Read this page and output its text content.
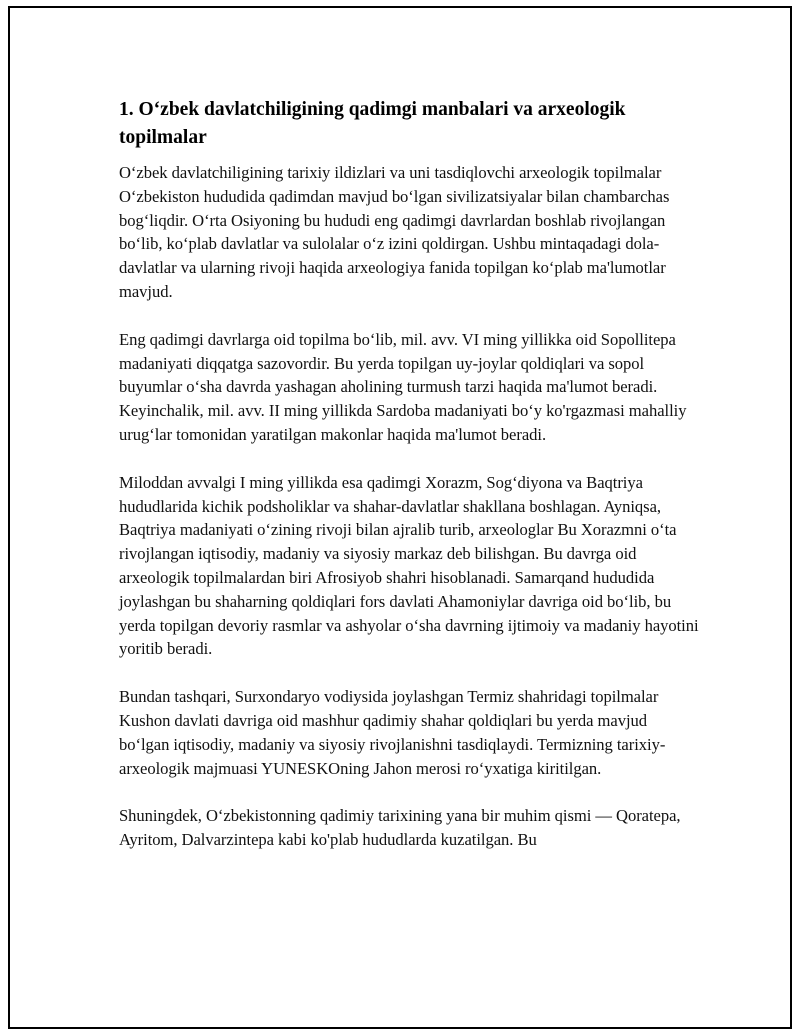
1. O‘zbek davlatchiligining qadimgi manbalari va arxeologik topilmalar

O‘zbek davlatchiligining tarixiy ildizlari va uni tasdiqlovchi arxeologik topilmalar O‘zbekiston hududida qadimdan mavjud bo‘lgan sivilizatsiyalar bilan chambarchas bog‘liqdir. O‘rta Osiyoning bu hududi eng qadimgi davrlardan boshlab rivojlangan bo‘lib, ko‘plab davlatlar va sulolalar o‘z izini qoldirgan. Ushbu mintaqadagi dola-davlatlar va ularning rivoji haqida arxeologiya fanida topilgan ko‘plab ma'lumotlar mavjud.

Eng qadimgi davrlarga oid topilma bo‘lib, mil. avv. VI ming yillikka oid Sopollitepa madaniyati diqqatga sazovordir. Bu yerda topilgan uy-joylar qoldiqlari va sopol buyumlar o‘sha davrda yashagan aholining turmush tarzi haqida ma'lumot beradi. Keyinchalik, mil. avv. II ming yillikda Sardoba madaniyati bo‘y ko'rgazmasi mahalliy urug‘lar tomonidan yaratilgan makonlar haqida ma'lumot beradi.

Miloddan avvalgi I ming yillikda esa qadimgi Xorazm, Sog‘diyona va Baqtriya hududlarida kichik podsholiklar va shahar-davlatlar shakllana boshlagan. Ayniqsa, Baqtriya madaniyati o‘zining rivoji bilan ajralib turib, arxeologlar Bu Xorazmni o‘ta rivojlangan iqtisodiy, madaniy va siyosiy markaz deb bilishgan. Bu davrga oid arxeologik topilmalardan biri Afrosiyob shahri hisoblanadi. Samarqand hududida joylashgan bu shaharning qoldiqlari fors davlati Ahamoniylar davriga oid bo‘lib, bu yerda topilgan devoriy rasmlar va ashyolar o‘sha davrning ijtimoiy va madaniy hayotini yoritib beradi.

Bundan tashqari, Surxondaryo vodiysida joylashgan Termiz shahridagi topilmalar Kushon davlati davriga oid mashhur qadimiy shahar qoldiqlari bu yerda mavjud bo‘lgan iqtisodiy, madaniy va siyosiy rivojlanishni tasdiqlaydi. Termizning tarixiy-arxeologik majmuasi YUNESKOning Jahon merosi ro‘yxatiga kiritilgan.

Shuningdek, O‘zbekistonning qadimiy tarixining yana bir muhim qismi — Qoratepa, Ayritom, Dalvarzintepa kabi ko'plab hududlarda kuzatilgan. Bu
